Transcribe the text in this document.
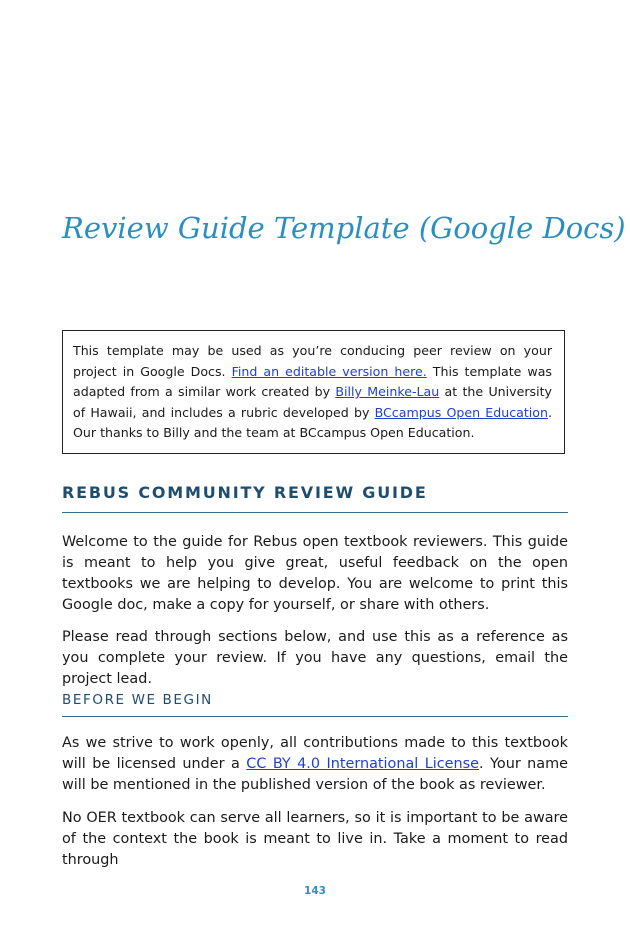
Review Guide Template (Google Docs)
This template may be used as you’re conducing peer review on your project in Google Docs. Find an editable version here. This template was adapted from a similar work created by Billy Meinke-Lau at the University of Hawaii, and includes a rubric developed by BCcampus Open Education. Our thanks to Billy and the team at BCcampus Open Education.
REBUS COMMUNITY REVIEW GUIDE

Welcome to the guide for Rebus open textbook reviewers. This guide is meant to help you give great, useful feedback on the open textbooks we are helping to develop. You are welcome to print this Google doc, make a copy for yourself, or share with others.

Please read through sections below, and use this as a reference as you complete your review. If you have any questions, email the project lead.

BEFORE WE BEGIN

As we strive to work openly, all contributions made to this textbook will be licensed under a CC BY 4.0 International License. Your name will be mentioned in the published version of the book as reviewer.

No OER textbook can serve all learners, so it is important to be aware of the context the book is meant to live in. Take a moment to read through

143
